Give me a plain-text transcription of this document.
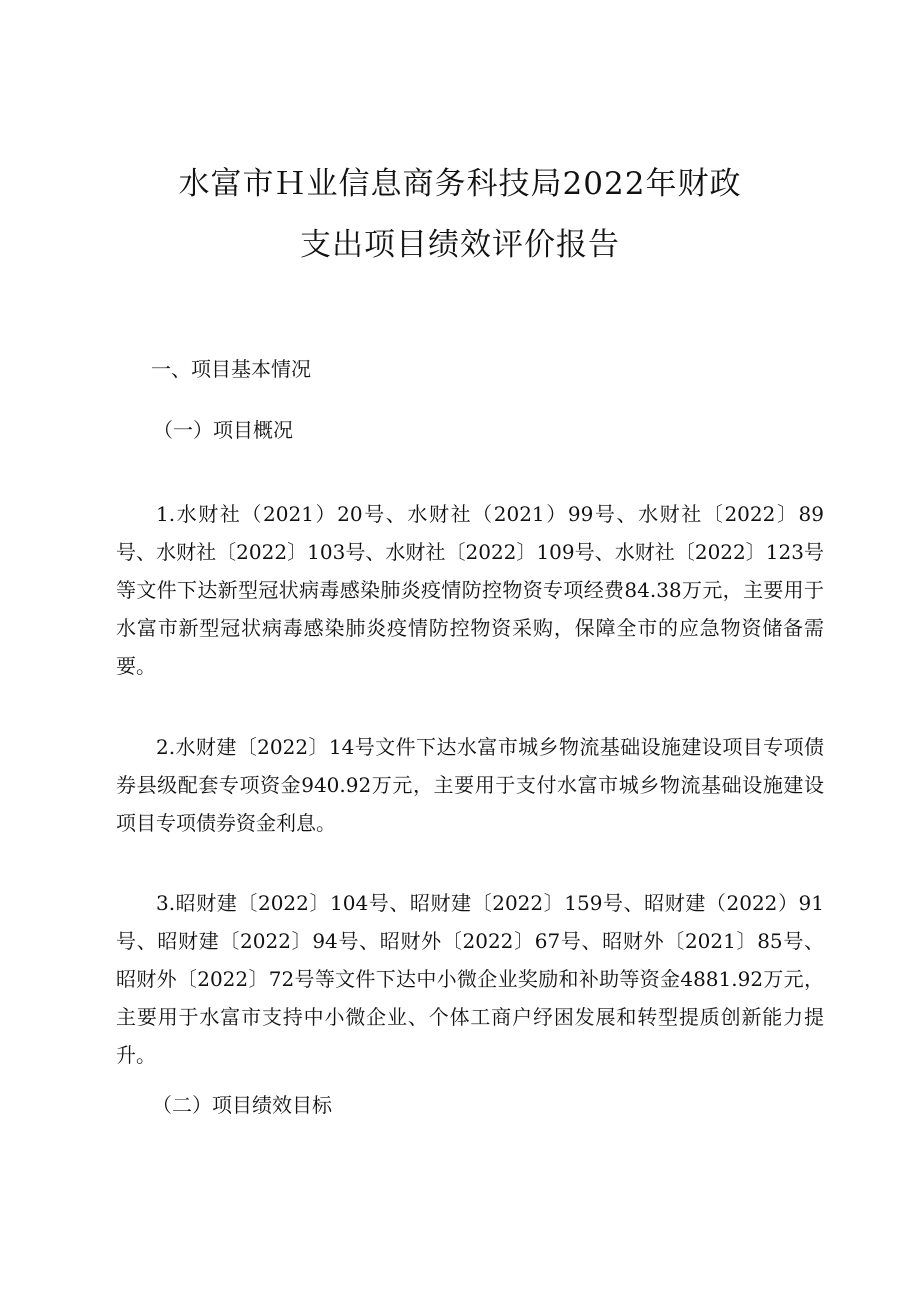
水富市Ｈ业信息商务科技局2022年财政
支出项目绩效评价报告
一、项目基本情况
（一）项目概况

1.水财社（2021）20号、水财社（2021）99号、水财社〔2022〕89号、水财社〔2022〕103号、水财社〔2022〕109号、水财社〔2022〕123号等文件下达新型冠状病毒感染肺炎疫情防控物资专项经费84.38万元，主要用于水富市新型冠状病毒感染肺炎疫情防控物资采购，保障全市的应急物资储备需要。

2.水财建〔2022〕14号文件下达水富市城乡物流基础设施建设项目专项债券县级配套专项资金940.92万元，主要用于支付水富市城乡物流基础设施建设项目专项债券资金利息。

3.昭财建〔2022〕104号、昭财建〔2022〕159号、昭财建（2022）91号、昭财建〔2022〕94号、昭财外〔2022〕67号、昭财外〔2021〕85号、昭财外〔2022〕72号等文件下达中小微企业奖励和补助等资金4881.92万元，主要用于水富市支持中小微企业、个体工商户纾困发展和转型提质创新能力提升。

（二）项目绩效目标
